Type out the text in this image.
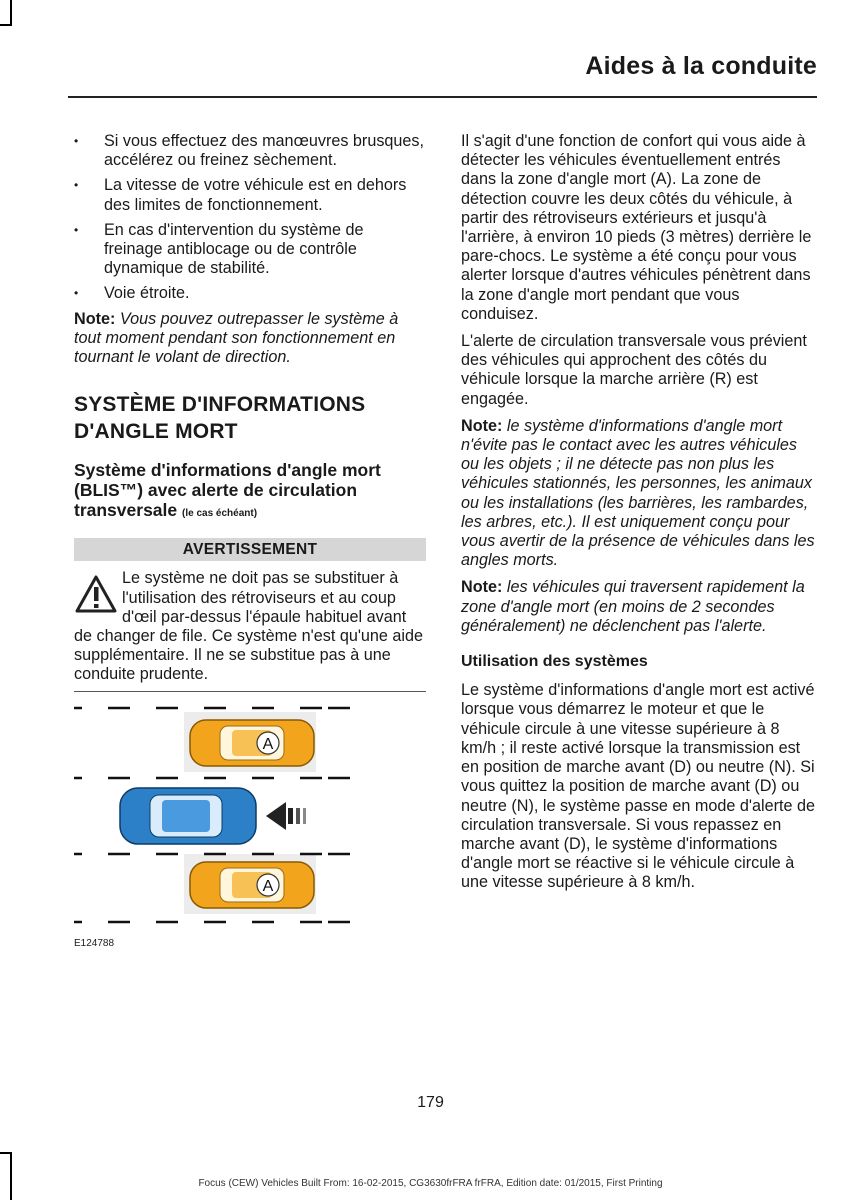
Aides à la conduite
• Si vous effectuez des manœuvres brusques, accélérez ou freinez sèchement.
• La vitesse de votre véhicule est en dehors des limites de fonctionnement.
• En cas d'intervention du système de freinage antiblocage ou de contrôle dynamique de stabilité.
• Voie étroite.

Note: Vous pouvez outrepasser le système à tout moment pendant son fonctionnement en tournant le volant de direction.

SYSTÈME D'INFORMATIONS D'ANGLE MORT
Système d'informations d'angle mort (BLIS™) avec alerte de circulation transversale (le cas échéant)
AVERTISSEMENT
Le système ne doit pas se substituer à l'utilisation des rétroviseurs et au coup d'œil par-dessus l'épaule habituel avant de changer de file. Ce système n'est qu'une aide supplémentaire. Il ne se substitue pas à une conduite prudente.
A
A
E124788

Il s'agit d'une fonction de confort qui vous aide à détecter les véhicules éventuellement entrés dans la zone d'angle mort (A). La zone de détection couvre les deux côtés du véhicule, à partir des rétroviseurs extérieurs et jusqu'à l'arrière, à environ 10 pieds (3 mètres) derrière le pare-chocs. Le système a été conçu pour vous alerter lorsque d'autres véhicules pénètrent dans la zone d'angle mort pendant que vous conduisez.

L'alerte de circulation transversale vous prévient des véhicules qui approchent des côtés du véhicule lorsque la marche arrière (R) est engagée.

Note: le système d'informations d'angle mort n'évite pas le contact avec les autres véhicules ou les objets ; il ne détecte pas non plus les véhicules stationnés, les personnes, les animaux ou les installations (les barrières, les rambardes, les arbres, etc.). Il est uniquement conçu pour vous avertir de la présence de véhicules dans les angles morts.

Note: les véhicules qui traversent rapidement la zone d'angle mort (en moins de 2 secondes généralement) ne déclenchent pas l'alerte.

Utilisation des systèmes

Le système d'informations d'angle mort est activé lorsque vous démarrez le moteur et que le véhicule circule à une vitesse supérieure à 8 km/h ; il reste activé lorsque la transmission est en position de marche avant (D) ou neutre (N). Si vous quittez la position de marche avant (D) ou neutre (N), le système passe en mode d'alerte de circulation transversale. Si vous repassez en marche avant (D), le système d'informations d'angle mort se réactive si le véhicule circule à une vitesse supérieure à 8 km/h.

179
Focus (CEW) Vehicles Built From: 16-02-2015, CG3630frFRA frFRA, Edition date: 01/2015, First Printing
